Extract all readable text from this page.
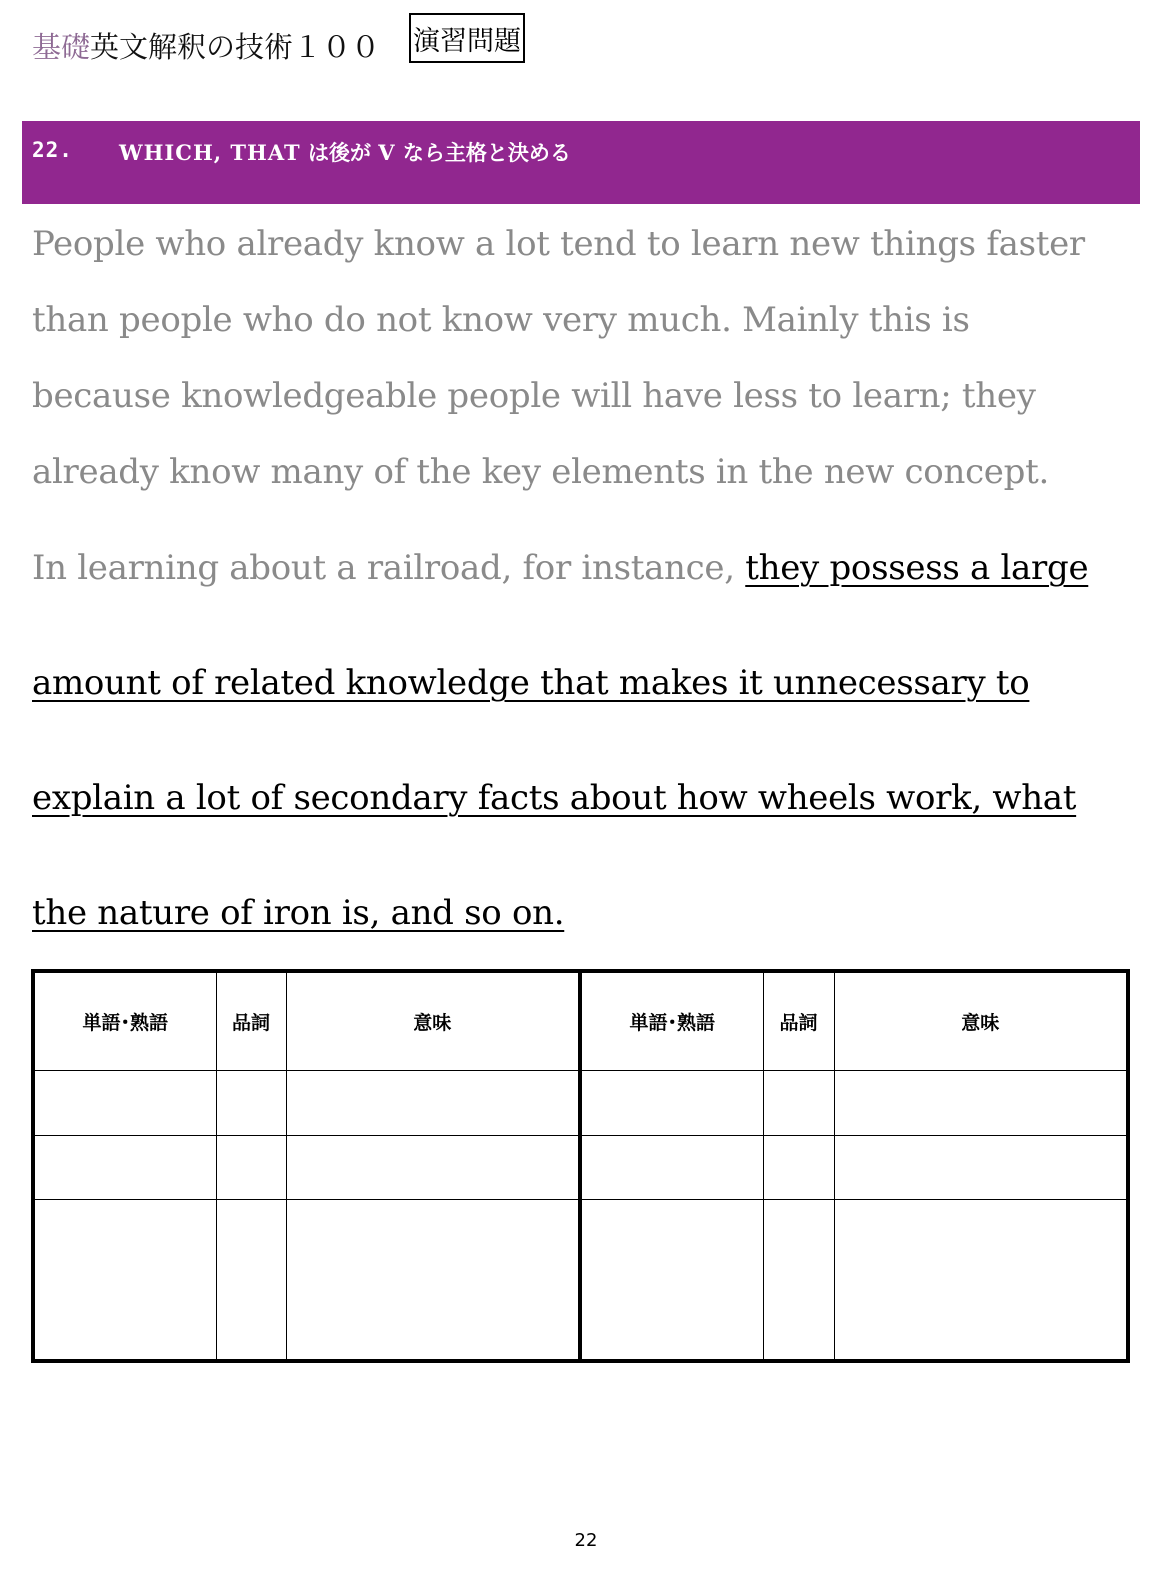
基礎 英文解釈の技術１００ 演習問題
22. WHICH, THAT は後が V なら主格と決める
People who already know a lot tend to learn new things faster
than people who do not know very much. Mainly this is
because knowledgeable people will have less to learn; they
already know many of the key elements in the new concept.
In learning about a railroad, for instance, they possess a large
amount of related knowledge that makes it unnecessary to
explain a lot of secondary facts about how wheels work, what
the nature of iron is, and so on.
単語･熟語	品詞	意味	単語･熟語	品詞	意味

22
